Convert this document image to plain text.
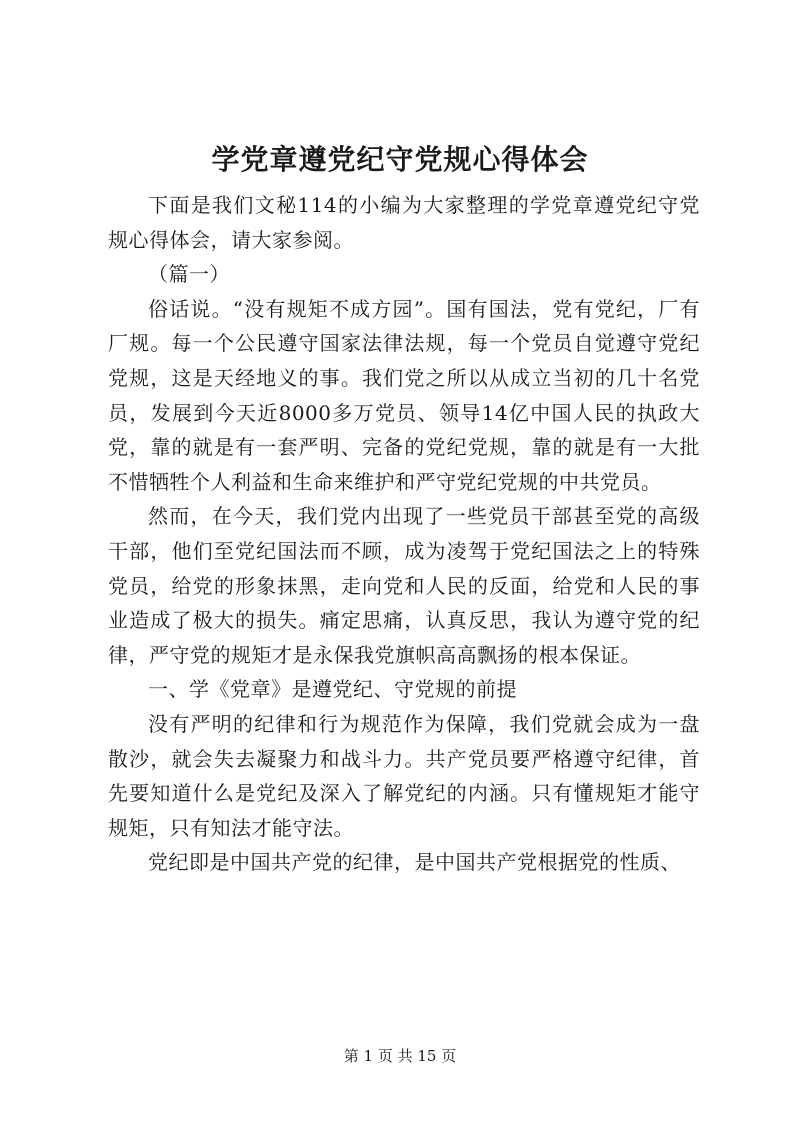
学党章遵党纪守党规心得体会

下面是我们文秘114的小编为大家整理的学党章遵党纪守党规心得体会，请大家参阅。

（篇一）

俗话说。“没有规矩不成方园”。国有国法，党有党纪，厂有厂规。每一个公民遵守国家法律法规，每一个党员自觉遵守党纪党规，这是天经地义的事。我们党之所以从成立当初的几十名党员，发展到今天近8000多万党员、领导14亿中国人民的执政大党，靠的就是有一套严明、完备的党纪党规，靠的就是有一大批不惜牺牲个人利益和生命来维护和严守党纪党规的中共党员。

然而，在今天，我们党内出现了一些党员干部甚至党的高级干部，他们至党纪国法而不顾，成为凌驾于党纪国法之上的特殊党员，给党的形象抹黑，走向党和人民的反面，给党和人民的事业造成了极大的损失。痛定思痛，认真反思，我认为遵守党的纪律，严守党的规矩才是永保我党旗帜高高飘扬的根本保证。

一、学《党章》是遵党纪、守党规的前提

没有严明的纪律和行为规范作为保障，我们党就会成为一盘散沙，就会失去凝聚力和战斗力。共产党员要严格遵守纪律，首先要知道什么是党纪及深入了解党纪的内涵。只有懂规矩才能守规矩，只有知法才能守法。

党纪即是中国共产党的纪律，是中国共产党根据党的性质、

第 1 页 共 15 页
